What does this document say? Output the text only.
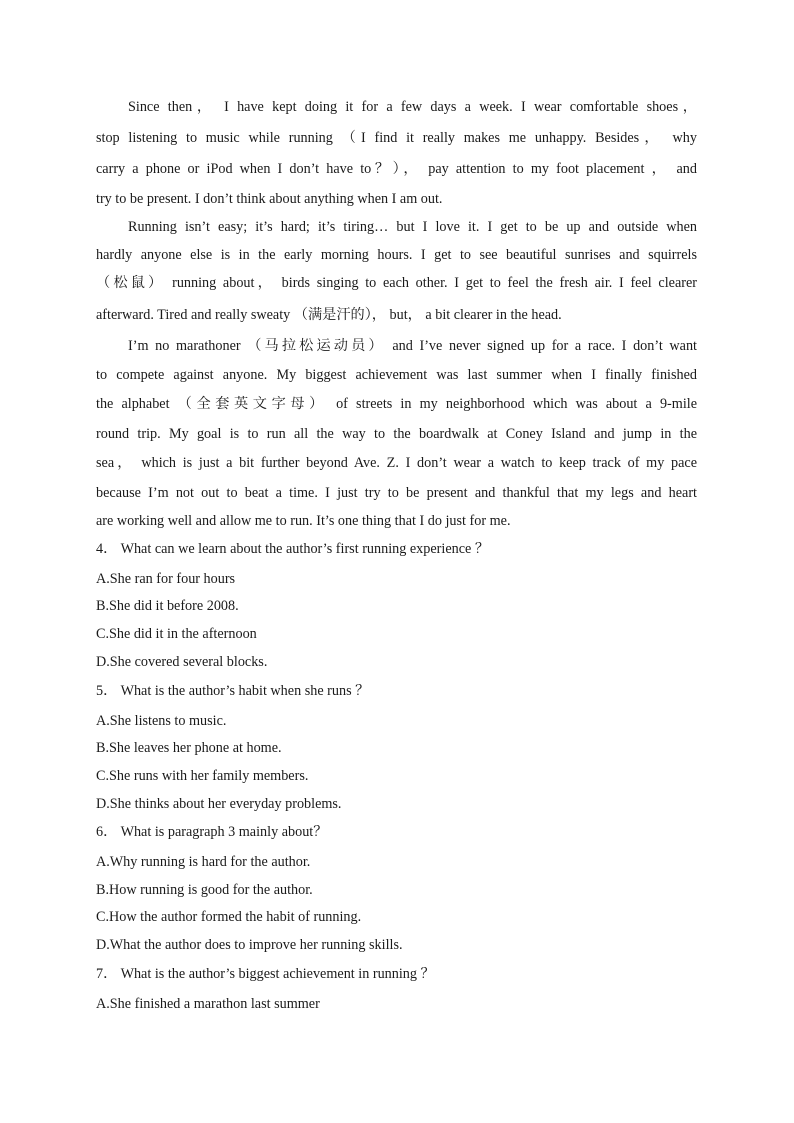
Since then， I have kept doing it for a few days a week. I wear comfortable shoes，
stop listening to music while running （I find it really makes me unhappy. Besides， why
carry a phone or iPod when I don’t have to？）， pay attention to my foot placement ， and
try to be present. I don’t think about anything when I am out.
Running isn’t easy; it’s hard; it’s tiring… but I love it. I get to be up and outside when
hardly anyone else is in the early morning hours. I get to see beautiful sunrises and squirrels
（松鼠） running about， birds singing to each other. I get to feel the fresh air. I feel clearer
afterward. Tired and really sweaty （满是汗的）， but， a bit clearer in the head.
I’m no marathoner （马拉松运动员） and I’ve never signed up for a race. I don’t want
to compete against anyone. My biggest achievement was last summer when I finally finished
the alphabet （全套英文字母） of streets in my neighborhood which was about a 9-mile
round trip. My goal is to run all the way to the boardwalk at Coney Island and jump in the
sea， which is just a bit further beyond Ave. Z. I don’t wear a watch to keep track of my pace
because I’m not out to beat a time. I just try to be present and thankful that my legs and heart
are working well and allow me to run. It’s one thing that I do just for me.
4． What can we learn about the author’s first running experience ？
A.She ran for four hours
B.She did it before 2008.
C.She did it in the afternoon
D.She covered several blocks.
5． What is the author’s habit when she runs ？
A.She listens to music.
B.She leaves her phone at home.
C.She runs with her family members.
D.She thinks about her everyday problems.
6． What is paragraph 3 mainly about？
A.Why running is hard for the author.
B.How running is good for the author.
C.How the author formed the habit of running.
D.What the author does to improve her running skills.
7． What is the author’s biggest achievement in running ？
A.She finished a marathon last summer
